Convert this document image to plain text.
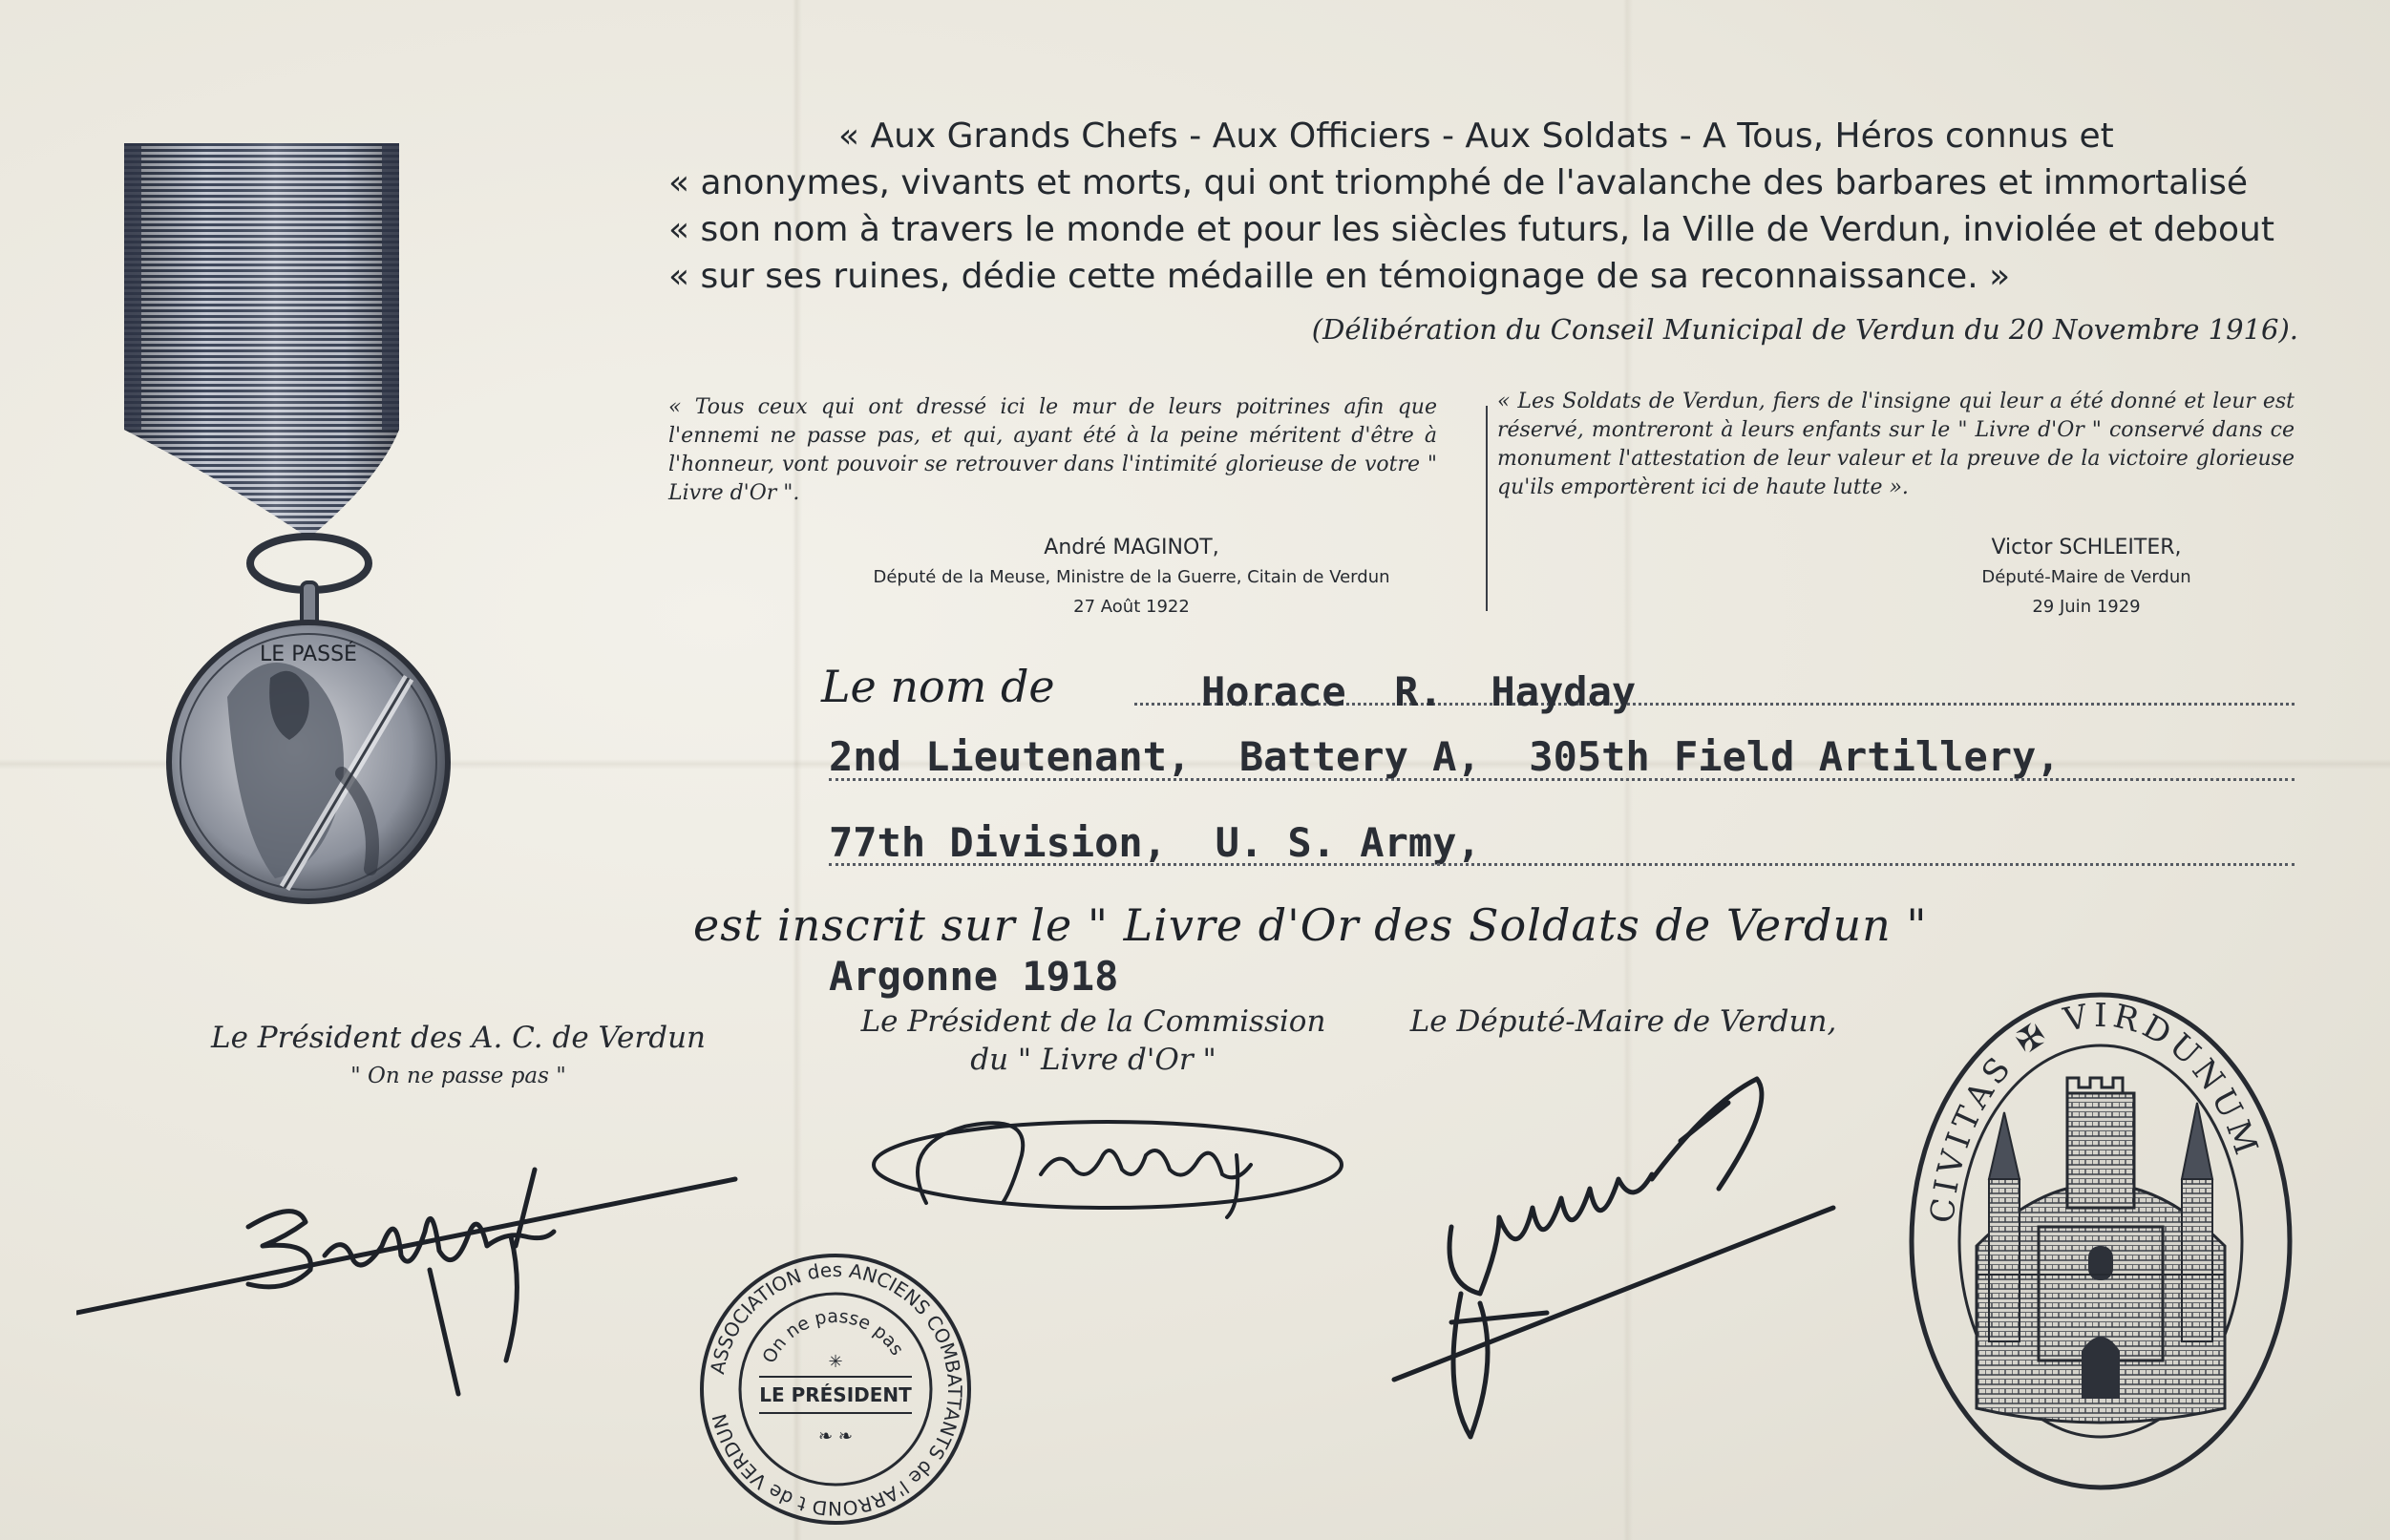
LE PASSÉ
« Aux Grands Chefs - Aux Officiers - Aux Soldats - A Tous, Héros connus et
« anonymes, vivants et morts, qui ont triomphé de l'avalanche des barbares et immortalisé
« son nom à travers le monde et pour les siècles futurs, la Ville de Verdun, inviolée et debout
« sur ses ruines, dédie cette médaille en témoignage de sa reconnaissance. »
(Délibération du Conseil Municipal de Verdun du 20 Novembre 1916).
« Tous ceux qui ont dressé ici le mur de leurs poitrines afin que l'ennemi ne passe pas, et qui, ayant été à la peine méritent d'être à l'honneur, vont pouvoir se retrouver dans l'intimité glorieuse de votre " Livre d'Or ".
« Les Soldats de Verdun, fiers de l'insigne qui leur a été donné et leur est réservé, montreront à leurs enfants sur le " Livre d'Or " conservé dans ce monument l'attestation de leur valeur et la preuve de la victoire glorieuse qu'ils emportèrent ici de haute lutte ».
André MAGINOT,
Député de la Meuse, Ministre de la Guerre, Citain de Verdun
27 Août 1922
Victor SCHLEITER,
Député-Maire de Verdun
29 Juin 1929
Le nom de	Horace  R.  Hayday
2nd Lieutenant,  Battery A,  305th Field Artillery,
77th Division,  U. S. Army,
est inscrit sur le " Livre d'Or des Soldats de Verdun "
Argonne 1918
Le Président des A. C. de Verdun
" On ne passe pas "
Le Président de la Commission
du " Livre d'Or "
Le Député-Maire de Verdun,
ASSOCIATION des ANCIENS COMBATTANTS de l'ARROND t de VERDUN
On ne passe pas
LE PRÉSIDENT
✳
❧ ❧
CIVITAS ✠ VIRDUNUM
